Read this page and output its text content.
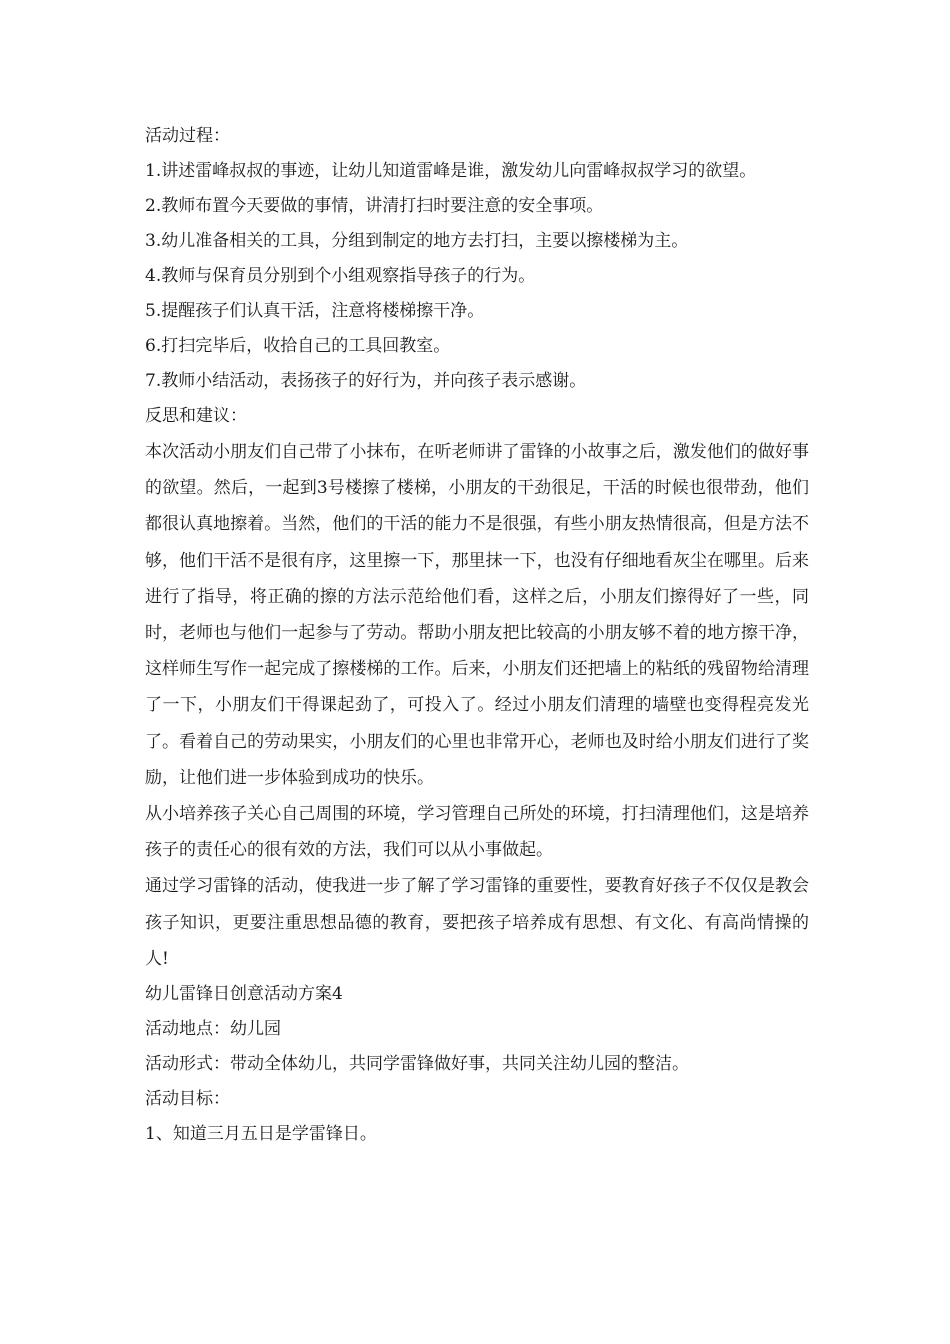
活动过程：

1.讲述雷峰叔叔的事迹，让幼儿知道雷峰是谁，激发幼儿向雷峰叔叔学习的欲望。

2.教师布置今天要做的事情，讲清打扫时要注意的安全事项。

3.幼儿准备相关的工具，分组到制定的地方去打扫，主要以擦楼梯为主。

4.教师与保育员分别到个小组观察指导孩子的行为。

5.提醒孩子们认真干活，注意将楼梯擦干净。

6.打扫完毕后，收拾自己的工具回教室。

7.教师小结活动，表扬孩子的好行为，并向孩子表示感谢。

反思和建议：

本次活动小朋友们自己带了小抹布，在听老师讲了雷锋的小故事之后，激发他们的做好事的欲望。然后，一起到3号楼擦了楼梯，小朋友的干劲很足，干活的时候也很带劲，他们都很认真地擦着。当然，他们的干活的能力不是很强，有些小朋友热情很高，但是方法不够，他们干活不是很有序，这里擦一下，那里抹一下，也没有仔细地看灰尘在哪里。后来进行了指导，将正确的擦的方法示范给他们看，这样之后，小朋友们擦得好了一些，同时，老师也与他们一起参与了劳动。帮助小朋友把比较高的小朋友够不着的地方擦干净，这样师生写作一起完成了擦楼梯的工作。后来，小朋友们还把墙上的粘纸的残留物给清理了一下，小朋友们干得课起劲了，可投入了。经过小朋友们清理的墙壁也变得程亮发光了。看着自己的劳动果实，小朋友们的心里也非常开心，老师也及时给小朋友们进行了奖励，让他们进一步体验到成功的快乐。

从小培养孩子关心自己周围的环境，学习管理自己所处的环境，打扫清理他们，这是培养孩子的责任心的很有效的方法，我们可以从小事做起。

通过学习雷锋的活动，使我进一步了解了学习雷锋的重要性，要教育好孩子不仅仅是教会孩子知识，更要注重思想品德的教育，要把孩子培养成有思想、有文化、有高尚情操的人!

幼儿雷锋日创意活动方案4

活动地点：幼儿园

活动形式：带动全体幼儿，共同学雷锋做好事，共同关注幼儿园的整洁。

活动目标：

1、知道三月五日是学雷锋日。
